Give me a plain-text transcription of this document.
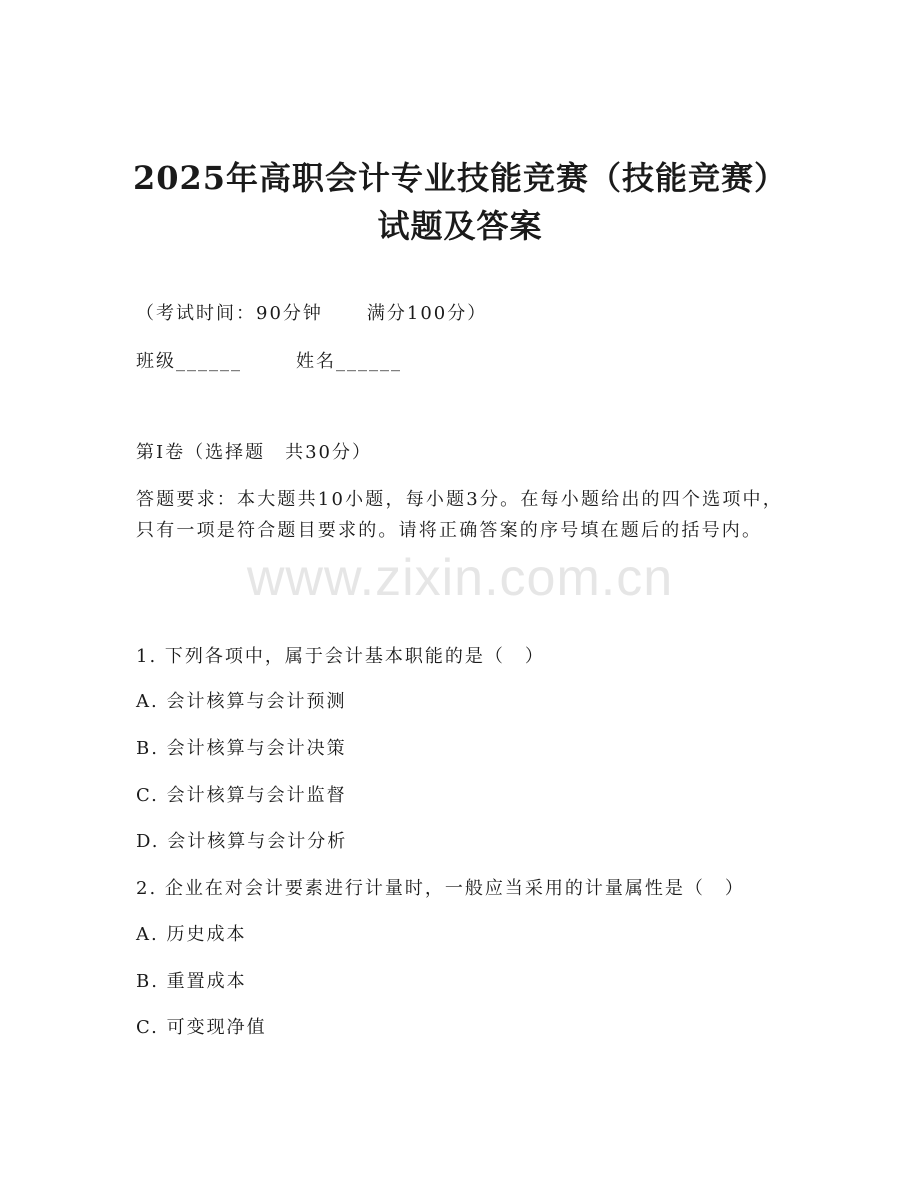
2025年高职会计专业技能竞赛（技能竞赛）
试题及答案
（考试时间：90分钟 满分100分）
班级______	姓名______
第I卷（选择题　共30分）
答题要求：本大题共10小题，每小题3分。在每小题给出的四个选项中，只有一项是符合题目要求的。请将正确答案的序号填在题后的括号内。
www.zixin.com.cn
1. 下列各项中，属于会计基本职能的是（　）
A. 会计核算与会计预测
B. 会计核算与会计决策
C. 会计核算与会计监督
D. 会计核算与会计分析
2. 企业在对会计要素进行计量时，一般应当采用的计量属性是（　）
A. 历史成本
B. 重置成本
C. 可变现净值
